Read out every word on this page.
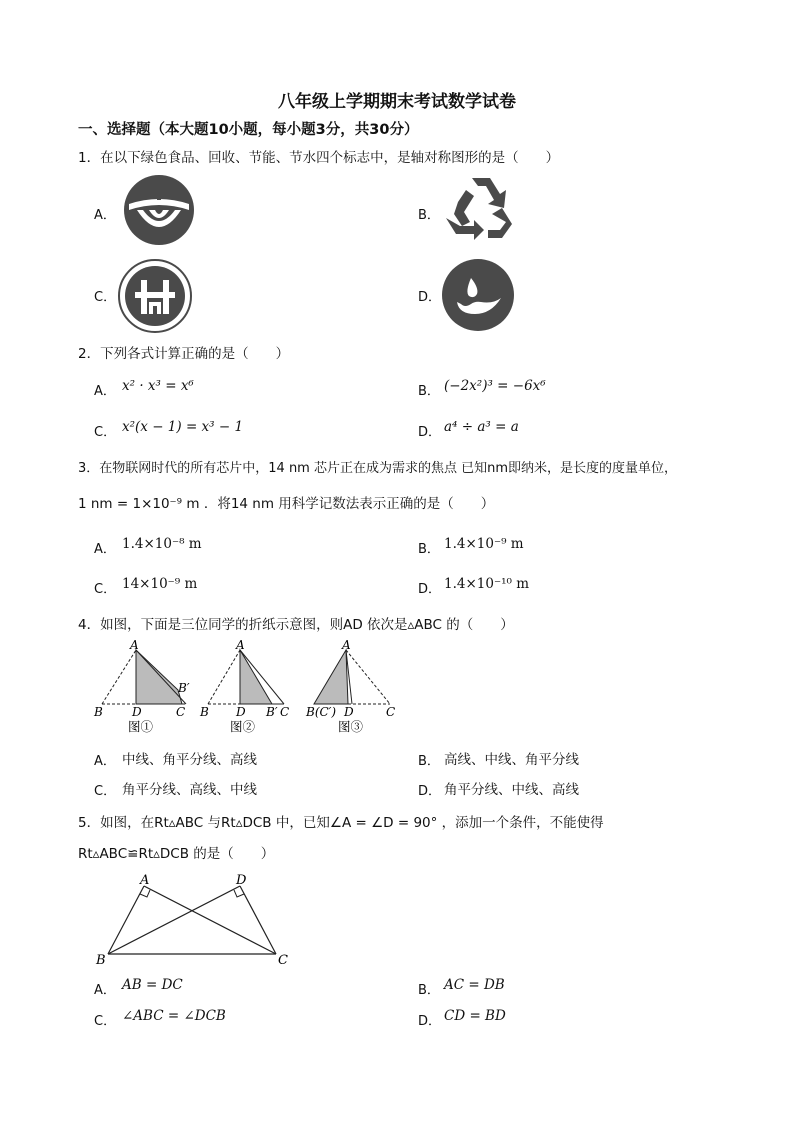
八年级上学期期末考试数学试卷
一、选择题（本大题10小题，每小题3分，共30分）
1．在以下绿色食品、回收、节能、节水四个标志中，是轴对称图形的是（　　）
A．	B．
C．	D．
2．下列各式计算正确的是（　　）
A． x² · x³ = x⁶	B． (−2x²)³ = −6x⁶
C． x²(x − 1) = x³ − 1	D． a⁴ ÷ a³ = a
3．在物联网时代的所有芯片中，14 nm 芯片正在成为需求的焦点 已知nm即纳米，是长度的度量单位，
1 nm = 1×10⁻⁹ m ．将14 nm 用科学记数法表示正确的是（　　）
A． 1.4×10⁻⁸ m	B． 1.4×10⁻⁹ m
C． 14×10⁻⁹ m	D． 1.4×10⁻¹⁰ m
4．如图，下面是三位同学的折纸示意图，则AD 依次是▵ABC 的（　　）
A
B D	C
B′
图①
A
B D B′ C
图②
A
B(C′) D	C
图③
A． 中线、角平分线、高线	B． 高线、中线、角平分线
C． 角平分线、高线、中线	D． 角平分线、中线、高线
5．如图，在Rt▵ABC 与Rt▵DCB 中，已知∠A = ∠D = 90° ，添加一个条件，不能使得
Rt▵ABC≌Rt▵DCB 的是（　　）
A	D
B	C
A． AB = DC	B． AC = DB
C． ∠ABC = ∠DCB	D． CD = BD
